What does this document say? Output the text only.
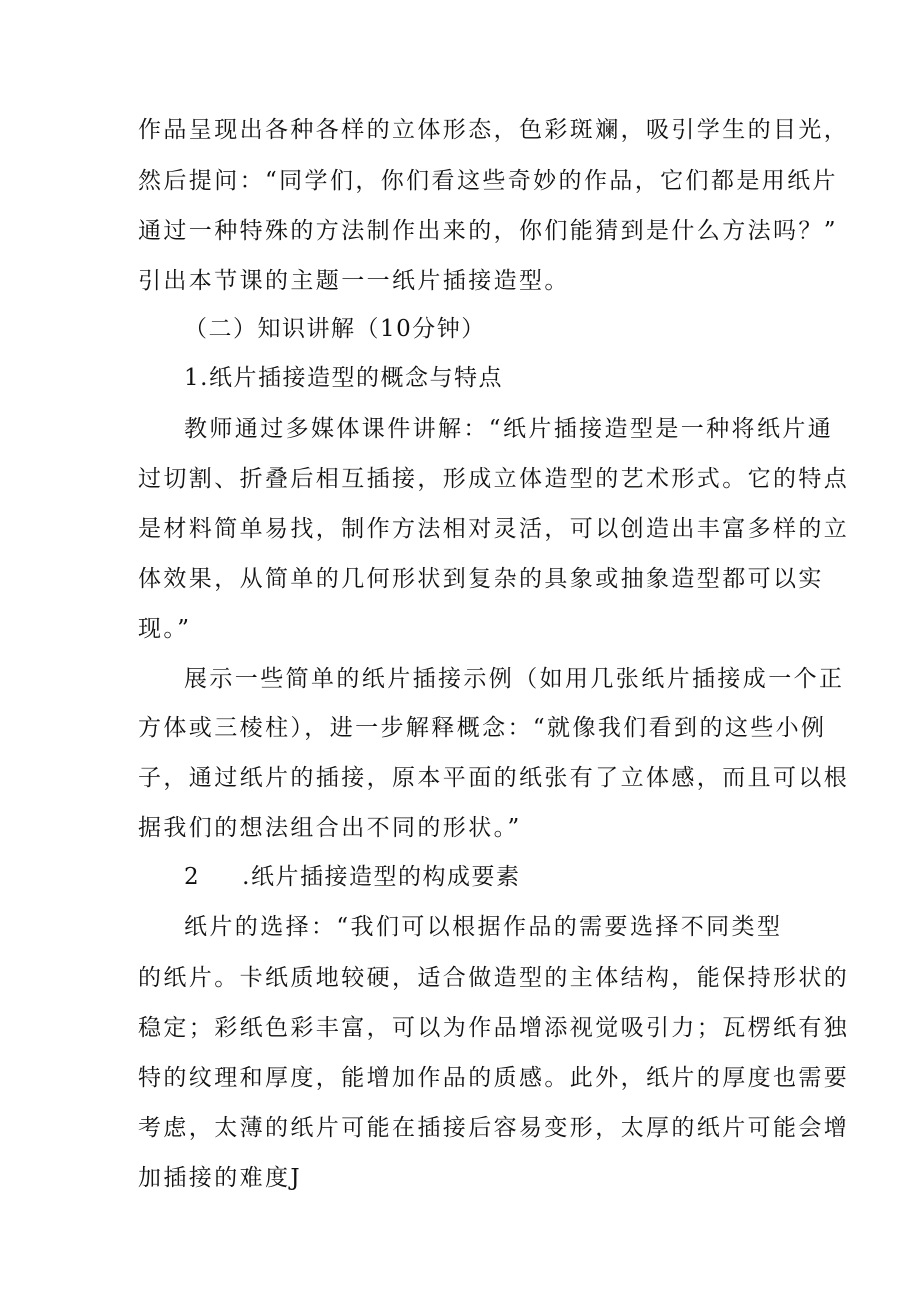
作品呈现出各种各样的立体形态，色彩斑斓，吸引学生的目光，
然后提问：“同学们，你们看这些奇妙的作品，它们都是用纸片
通过一种特殊的方法制作出来的，你们能猜到是什么方法吗？”
引出本节课的主题一一纸片插接造型。
（二）知识讲解（10分钟）
1.纸片插接造型的概念与特点
教师通过多媒体课件讲解：“纸片插接造型是一种将纸片通
过切割、折叠后相互插接，形成立体造型的艺术形式。它的特点
是材料简单易找，制作方法相对灵活，可以创造出丰富多样的立
体效果，从简单的几何形状到复杂的具象或抽象造型都可以实
现。”
展示一些简单的纸片插接示例（如用几张纸片插接成一个正
方体或三棱柱），进一步解释概念：“就像我们看到的这些小例
子，通过纸片的插接，原本平面的纸张有了立体感，而且可以根
据我们的想法组合出不同的形状。”
2 .纸片插接造型的构成要素
纸片的选择：“我们可以根据作品的需要选择不同类型
的纸片。卡纸质地较硬，适合做造型的主体结构，能保持形状的
稳定；彩纸色彩丰富，可以为作品增添视觉吸引力；瓦楞纸有独
特的纹理和厚度，能增加作品的质感。此外，纸片的厚度也需要
考虑，太薄的纸片可能在插接后容易变形，太厚的纸片可能会增
加插接的难度J
